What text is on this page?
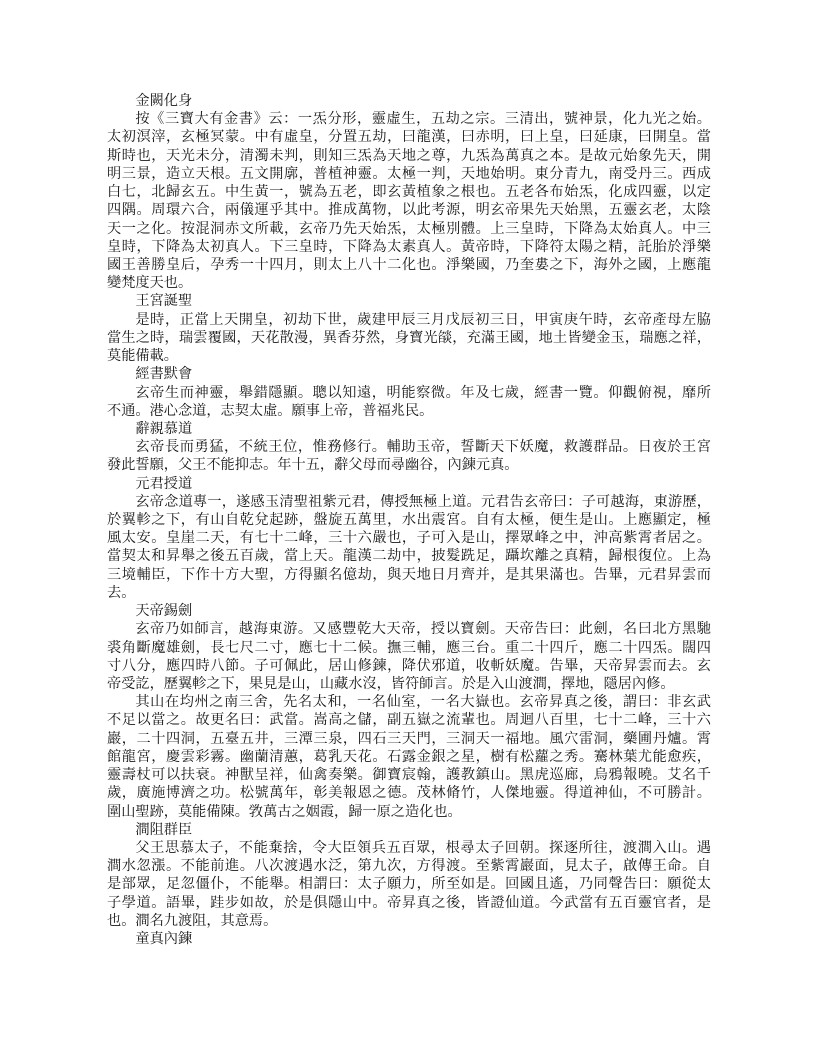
金闕化身
按《三寶大有金書》云：一炁分形，靈虛生，五劫之宗。三清出，號神景，化九光之始。
太初溟滓，玄極冥蒙。中有虛皇，分置五劫，曰龍漢，曰赤明，曰上皇，曰延康，曰開皇。當
斯時也，天光未分，清濁未判，則知三炁為天地之尊，九炁為萬真之本。是故元始象先天，開
明三景，造立天根。五文開廓，普植神靈。太極一判，天地始明。東分青九，南受丹三。西成
白七，北歸玄五。中生黃一，號為五老，即玄黃植象之根也。五老各布始炁，化成四靈，以定
四隅。周環六合，兩儀運乎其中。推成萬物，以此考源，明玄帝果先天始黑，五靈玄老，太陰
天一之化。按混洞赤文所載，玄帝乃先天始炁，太極別體。上三皇時，下降為太始真人。中三
皇時，下降為太初真人。下三皇時，下降為太素真人。黃帝時，下降符太陽之精，託胎於淨樂
國王善勝皇后，孕秀一十四月，則太上八十二化也。淨樂國，乃奎婁之下，海外之國，上應龍
變梵度天也。
王宮誕聖
是時，正當上天開皇，初劫下世，歲建甲辰三月戊辰初三日，甲寅庚午時，玄帝產母左脇
當生之時，瑞雲覆國，天花散漫，異香芬然，身寶光燄，充滿王國，地土皆變金玉，瑞應之祥，
莫能備載。
經書默會
玄帝生而神靈，舉錯隱顯。聰以知遠，明能察微。年及七歲，經書一覽。仰觀俯視，靡所
不通。港心念道，志契太虛。願事上帝，普福兆民。
辭親慕道
玄帝長而勇猛，不統王位，惟務修行。輔助玉帝，誓斷天下妖魔，救護群品。日夜於王宮
發此誓願，父王不能抑志。年十五，辭父母而尋幽谷，內鍊元真。
元君授道
玄帝念道專一，遂感玉清聖祖紫元君，傳授無極上道。元君告玄帝曰：子可越海，東游歷，
於翼軫之下，有山自乾兌起跡，盤旋五萬里，水出震宮。自有太極，便生是山。上應顯定，極
風太安。皇崖二天，有七十二峰，三十六嚴也，子可入是山，擇眾峰之中，沖高紫霄者居之。
當契太和昇舉之後五百歲，當上天。龍漢二劫中，披髮跣足，躡坎離之真精，歸根復位。上為
三境輔臣，下作十方大聖，方得顯名億劫，與天地日月齊并，是其果滿也。告畢，元君昇雲而
去。
天帝錫劍
玄帝乃如師言，越海東游。又感豐乾大天帝，授以寶劍。天帝告曰：此劍，名曰北方黑馳
裘角斷魔雄劍，長七尺二寸，應七十二候。撫三輔，應三台。重二十四斤，應二十四炁。闊四
寸八分，應四時八節。子可佩此，居山修鍊，降伏邪道，收斬妖魔。告畢，天帝昇雲而去。玄
帝受訖，歷翼軫之下，果見是山，山藏水沒，皆符師言。於是入山渡澗，擇地，隱居內修。
其山在均州之南三舍，先名太和，一名仙室，一名大嶽也。玄帝昇真之後，謂曰：非玄武
不足以當之。故更名曰：武當。嵩高之儲，副五嶽之流輩也。周迴八百里，七十二峰，三十六
巖，二十四洞，五臺五井，三潭三泉，四石三天門，三洞天一福地。風穴雷洞，藥圃丹爐。霄
館龍宮，慶雲彩霧。幽蘭清蕙，葛乳天花。石露金銀之星，樹有松蘿之秀。騫林葉尤能愈疾，
靈壽杖可以扶衰。神獸呈祥，仙禽奏樂。御寶宸翰，護教鎮山。黑虎巡廊，烏鴉報曉。艾名千
歲，廣施博濟之功。松號萬年，彰美報恩之德。茂林脩竹，人傑地靈。得道神仙，不可勝計。
圍山聖跡，莫能備陳。敩萬古之姻霞，歸一原之造化也。
澗阻群臣
父王思慕太子，不能棄捨，令大臣領兵五百眾，根尋太子回朝。探逐所往，渡澗入山。遇
澗水忽漲。不能前進。八次渡遇水泛，第九次，方得渡。至紫霄巖面，見太子，啟傳王命。自
是部眾，足忽僵仆，不能舉。相謂曰：太子願力，所至如是。回國且遙，乃同聲告曰：願從太
子學道。語畢，跬步如故，於是俱隱山中。帝昇真之後，皆證仙道。今武當有五百靈官者，是
也。澗名九渡阻，其意焉。
童真內鍊
